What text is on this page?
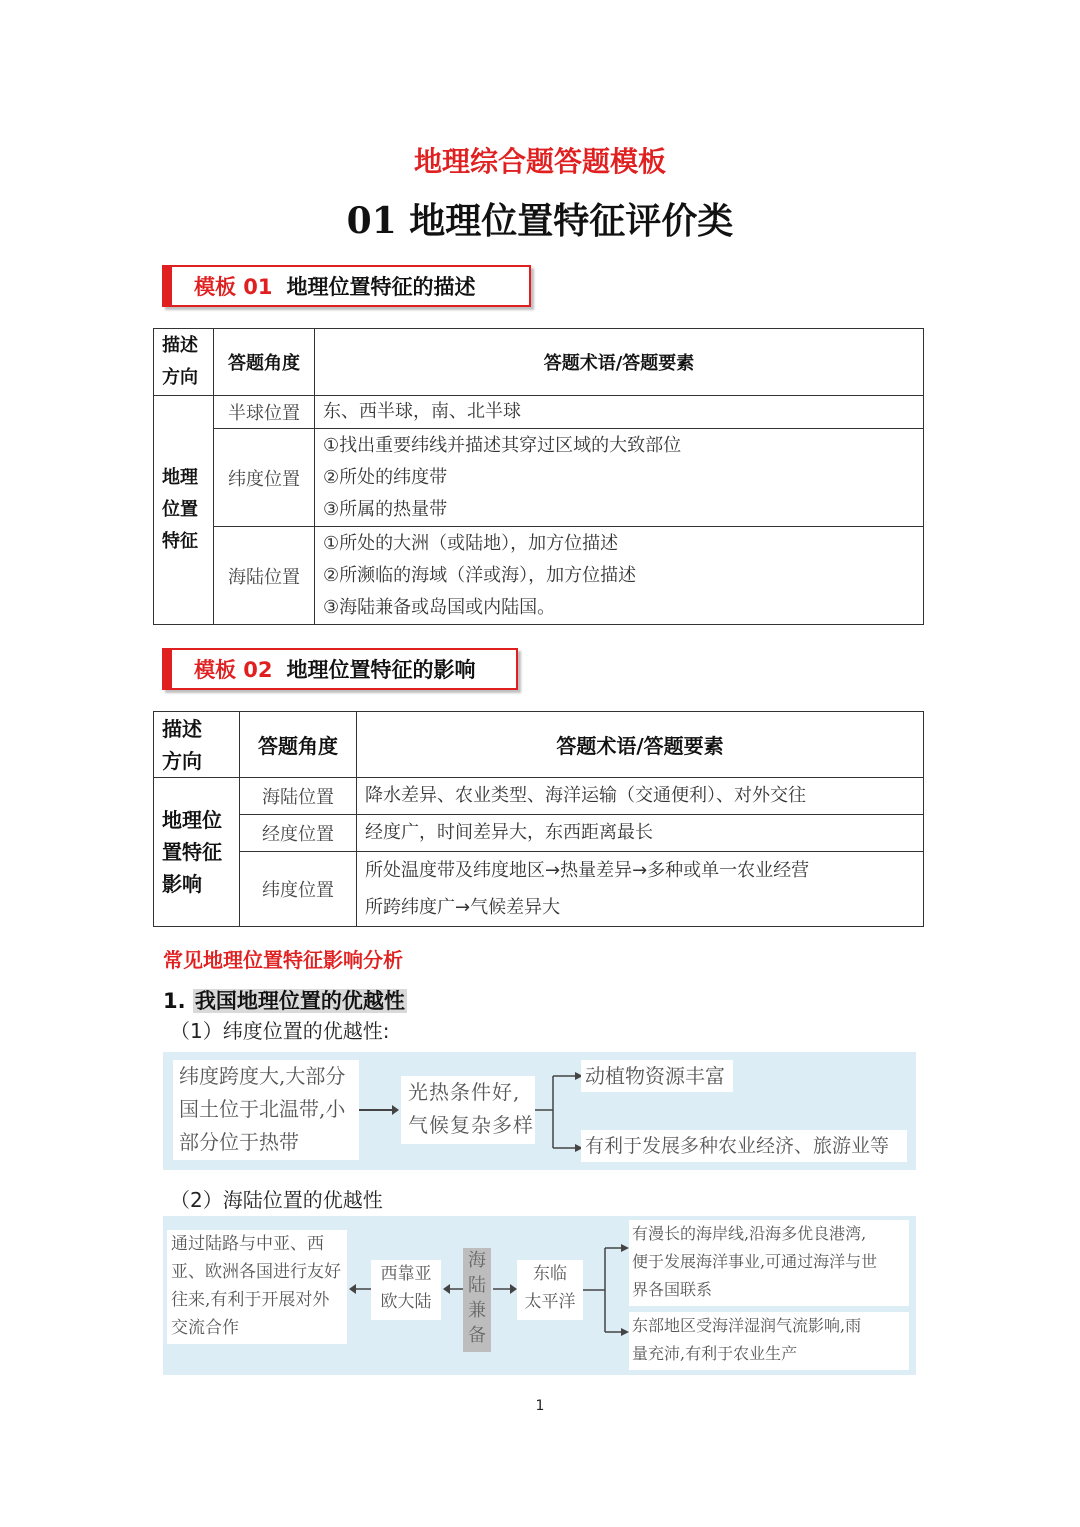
地理综合题答题模板
01 地理位置特征评价类
模板 01 地理位置特征的描述
描述
方向	答题角度	答题术语/答题要素

地理
位置
特征	半球位置	东、西半球，南、北半球

	纬度位置	①找出重要纬线并描述其穿过区域的大致部位
②所处的纬度带
③所属的热量带

	海陆位置	①所处的大洲（或陆地），加方位描述
②所濒临的海域（洋或海），加方位描述
③海陆兼备或岛国或内陆国。
模板 02 地理位置特征的影响
描述
方向	答题角度	答题术语/答题要素

地理位
置特征
影响	海陆位置	降水差异、农业类型、海洋运输（交通便利）、对外交往

	经度位置	经度广，时间差异大，东西距离最长

	纬度位置	所处温度带及纬度地区→热量差异→多种或单一农业经营
所跨纬度广→气候差异大
常见地理位置特征影响分析
1. 我国地理位置的优越性
（1）纬度位置的优越性:
纬度跨度大,大部分
国土位于北温带,小
部分位于热带
光热条件好,
气候复杂多样
动植物资源丰富
有利于发展多种农业经济、旅游业等
（2）海陆位置的优越性
通过陆路与中亚、西
亚、欧洲各国进行友好
往来,有利于开展对外
交流合作
西靠亚
欧大陆
海
陆
兼
备
东临
太平洋
有漫长的海岸线,沿海多优良港湾,
便于发展海洋事业,可通过海洋与世
界各国联系
东部地区受海洋湿润气流影响,雨
量充沛,有利于农业生产
1
